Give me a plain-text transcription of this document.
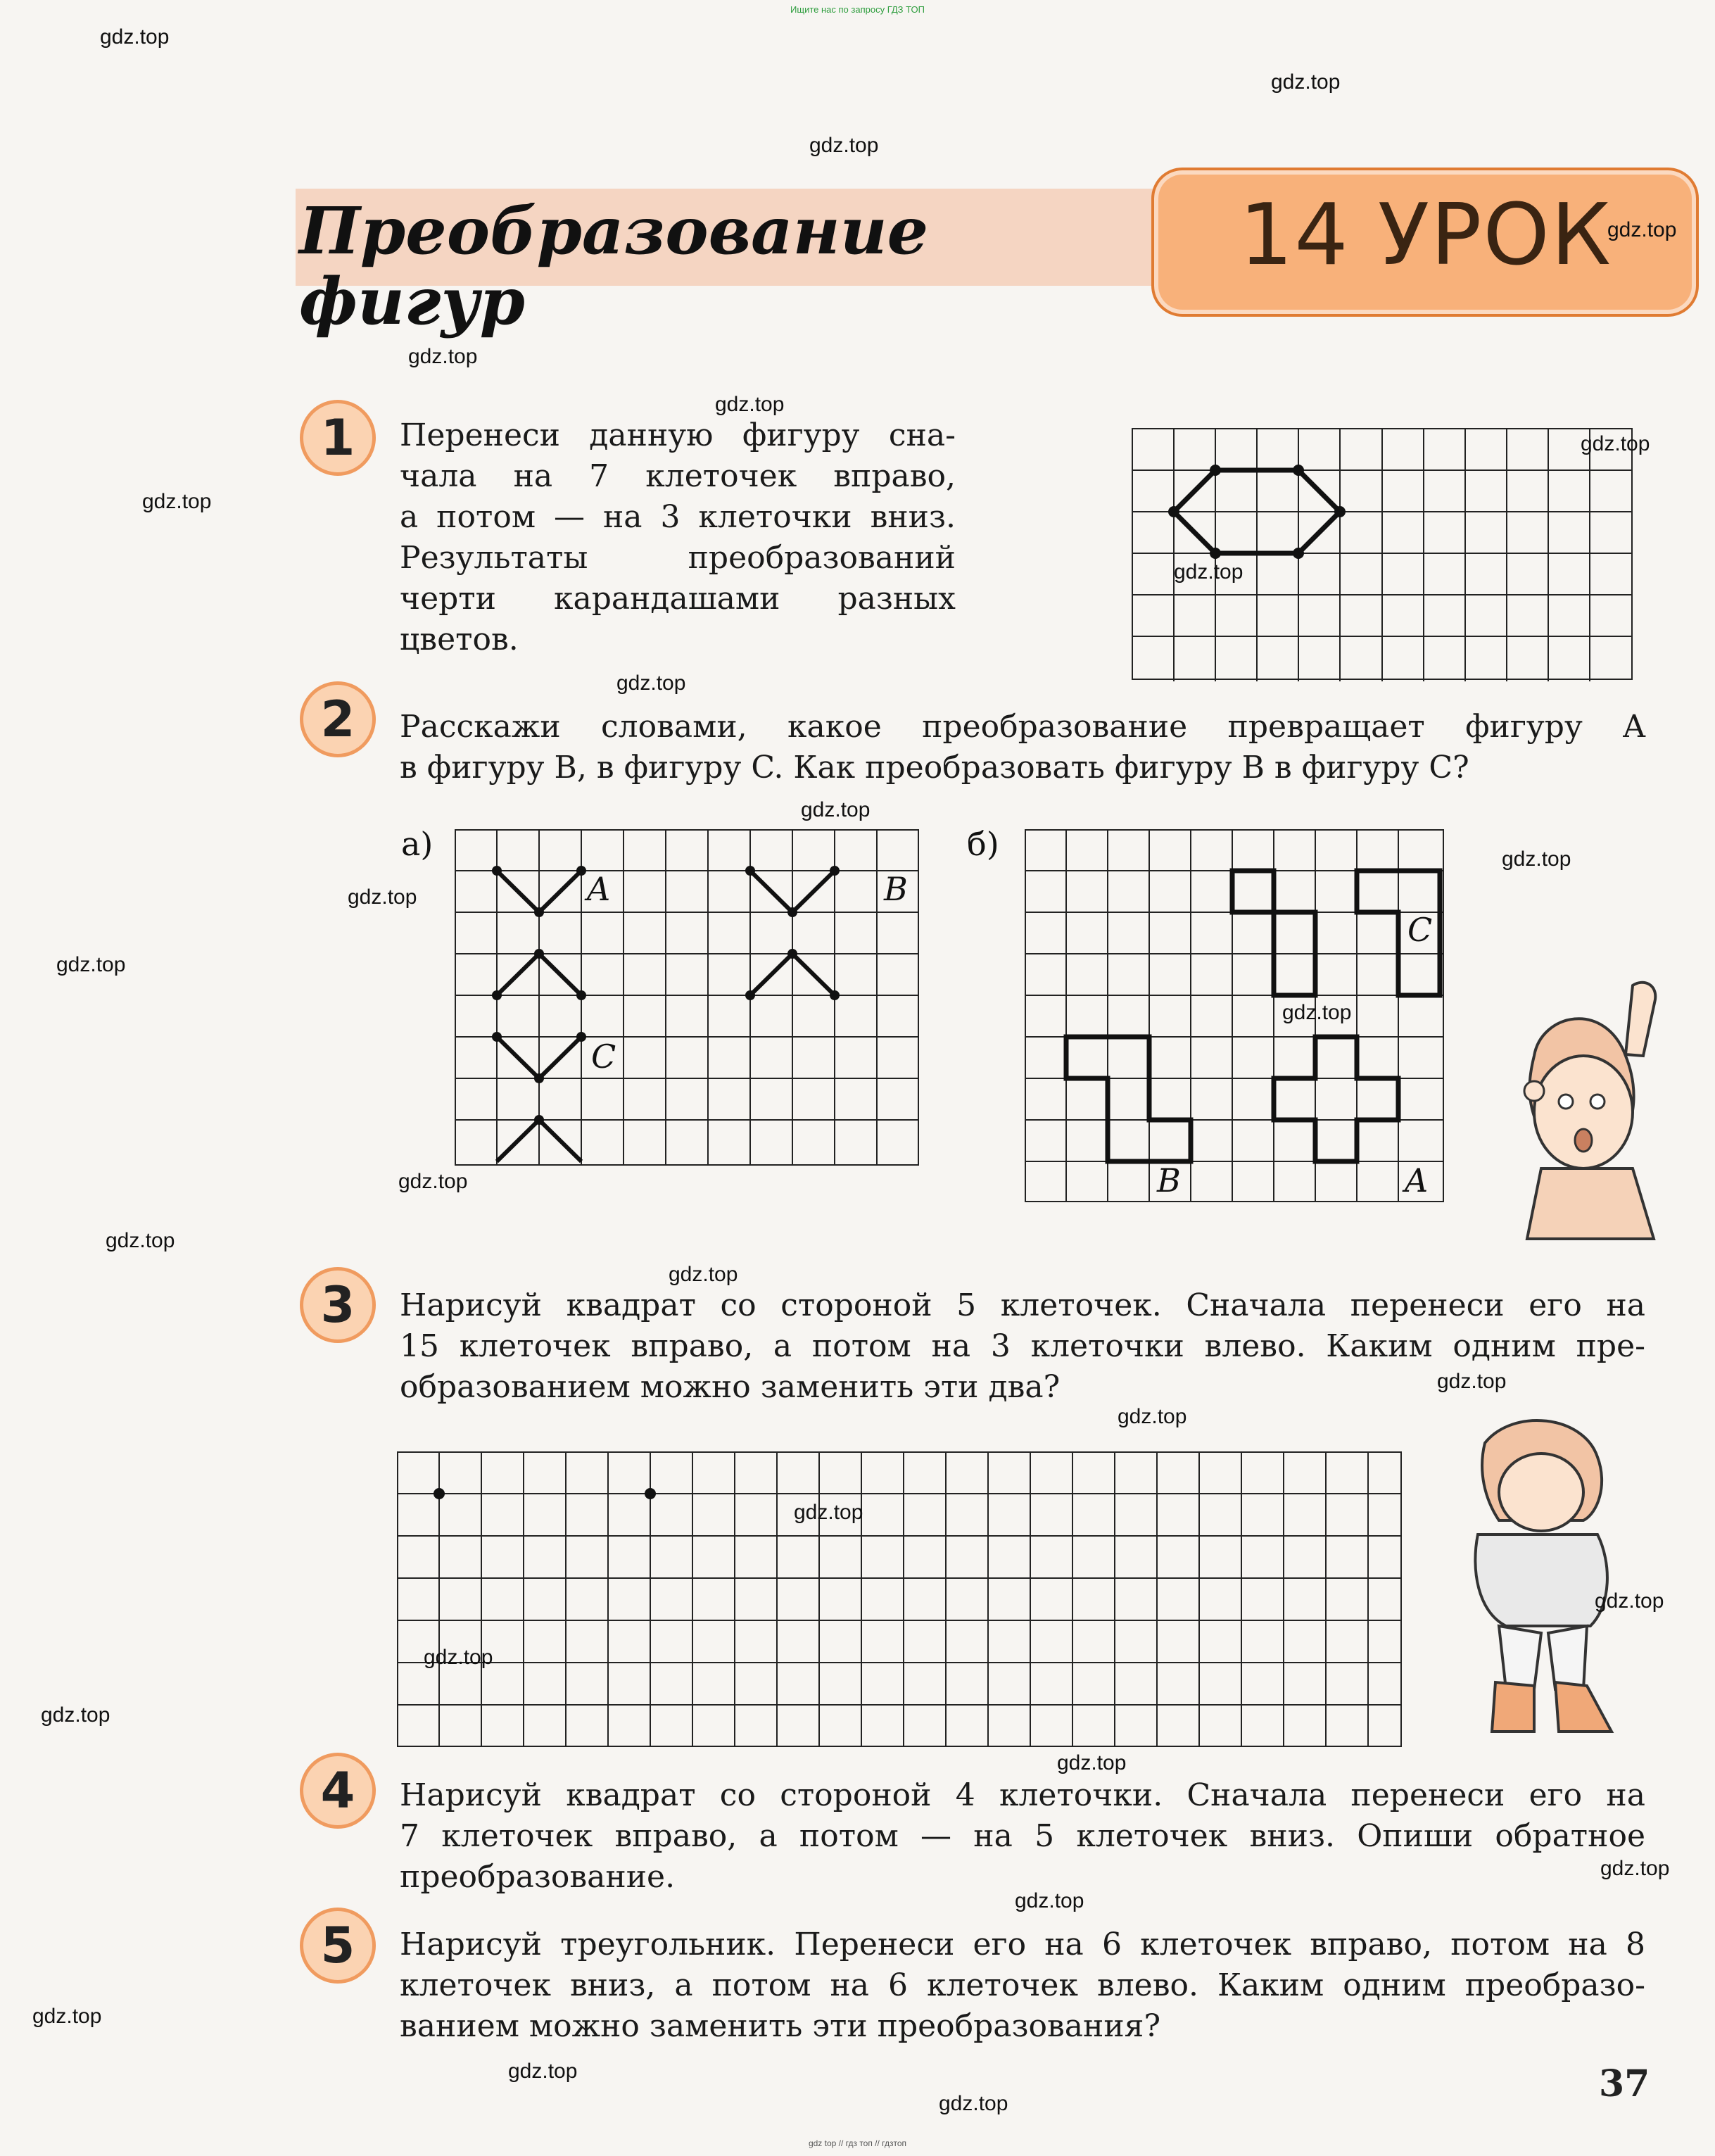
Ищите нас по запросу ГДЗ ТОП
Преобразование
фигур
14 УРОК
1	Перенеси данную фигуру сна-
чала на 7 клеточек вправо,
а потом — на 3 клеточки вниз.
Результаты преобразований
черти карандашами разных
цветов.
2	Расскажи словами, какое преобразование превращает фигуру A
в фигуру B, в фигуру C. Как преобразовать фигуру B в фигуру C?
а)	б)
A	B
C
C
B	A
3	Нарисуй квадрат со стороной 5 клеточек. Сначала перенеси его на
15 клеточек вправо, а потом на 3 клеточки влево. Каким одним пре-
образованием можно заменить эти два?
4	Нарисуй квадрат со стороной 4 клеточки. Сначала перенеси его на
7 клеточек вправо, а потом — на 5 клеточек вниз. Опиши обратное
преобразование.
5	Нарисуй треугольник. Перенеси его на 6 клеточек вправо, потом на 8
клеточек вниз, а потом на 6 клеточек влево. Каким одним преобразо-
ванием можно заменить эти преобразования?
37
gdz.top
gdz.top
gdz.top
gdz.top
gdz.top
gdz.top
gdz.top
gdz.top
gdz.top
gdz.top
gdz.top
gdz.top
gdz.top
gdz.top
gdz.top
gdz.top
gdz.top
gdz.top
gdz.top
gdz.top
gdz.top
gdz.top
gdz.top
gdz.top
gdz.top
gdz.top
gdz.top
gdz.top
gdz.top
gdz.top
gdz top // гдз топ // гдзтоп
